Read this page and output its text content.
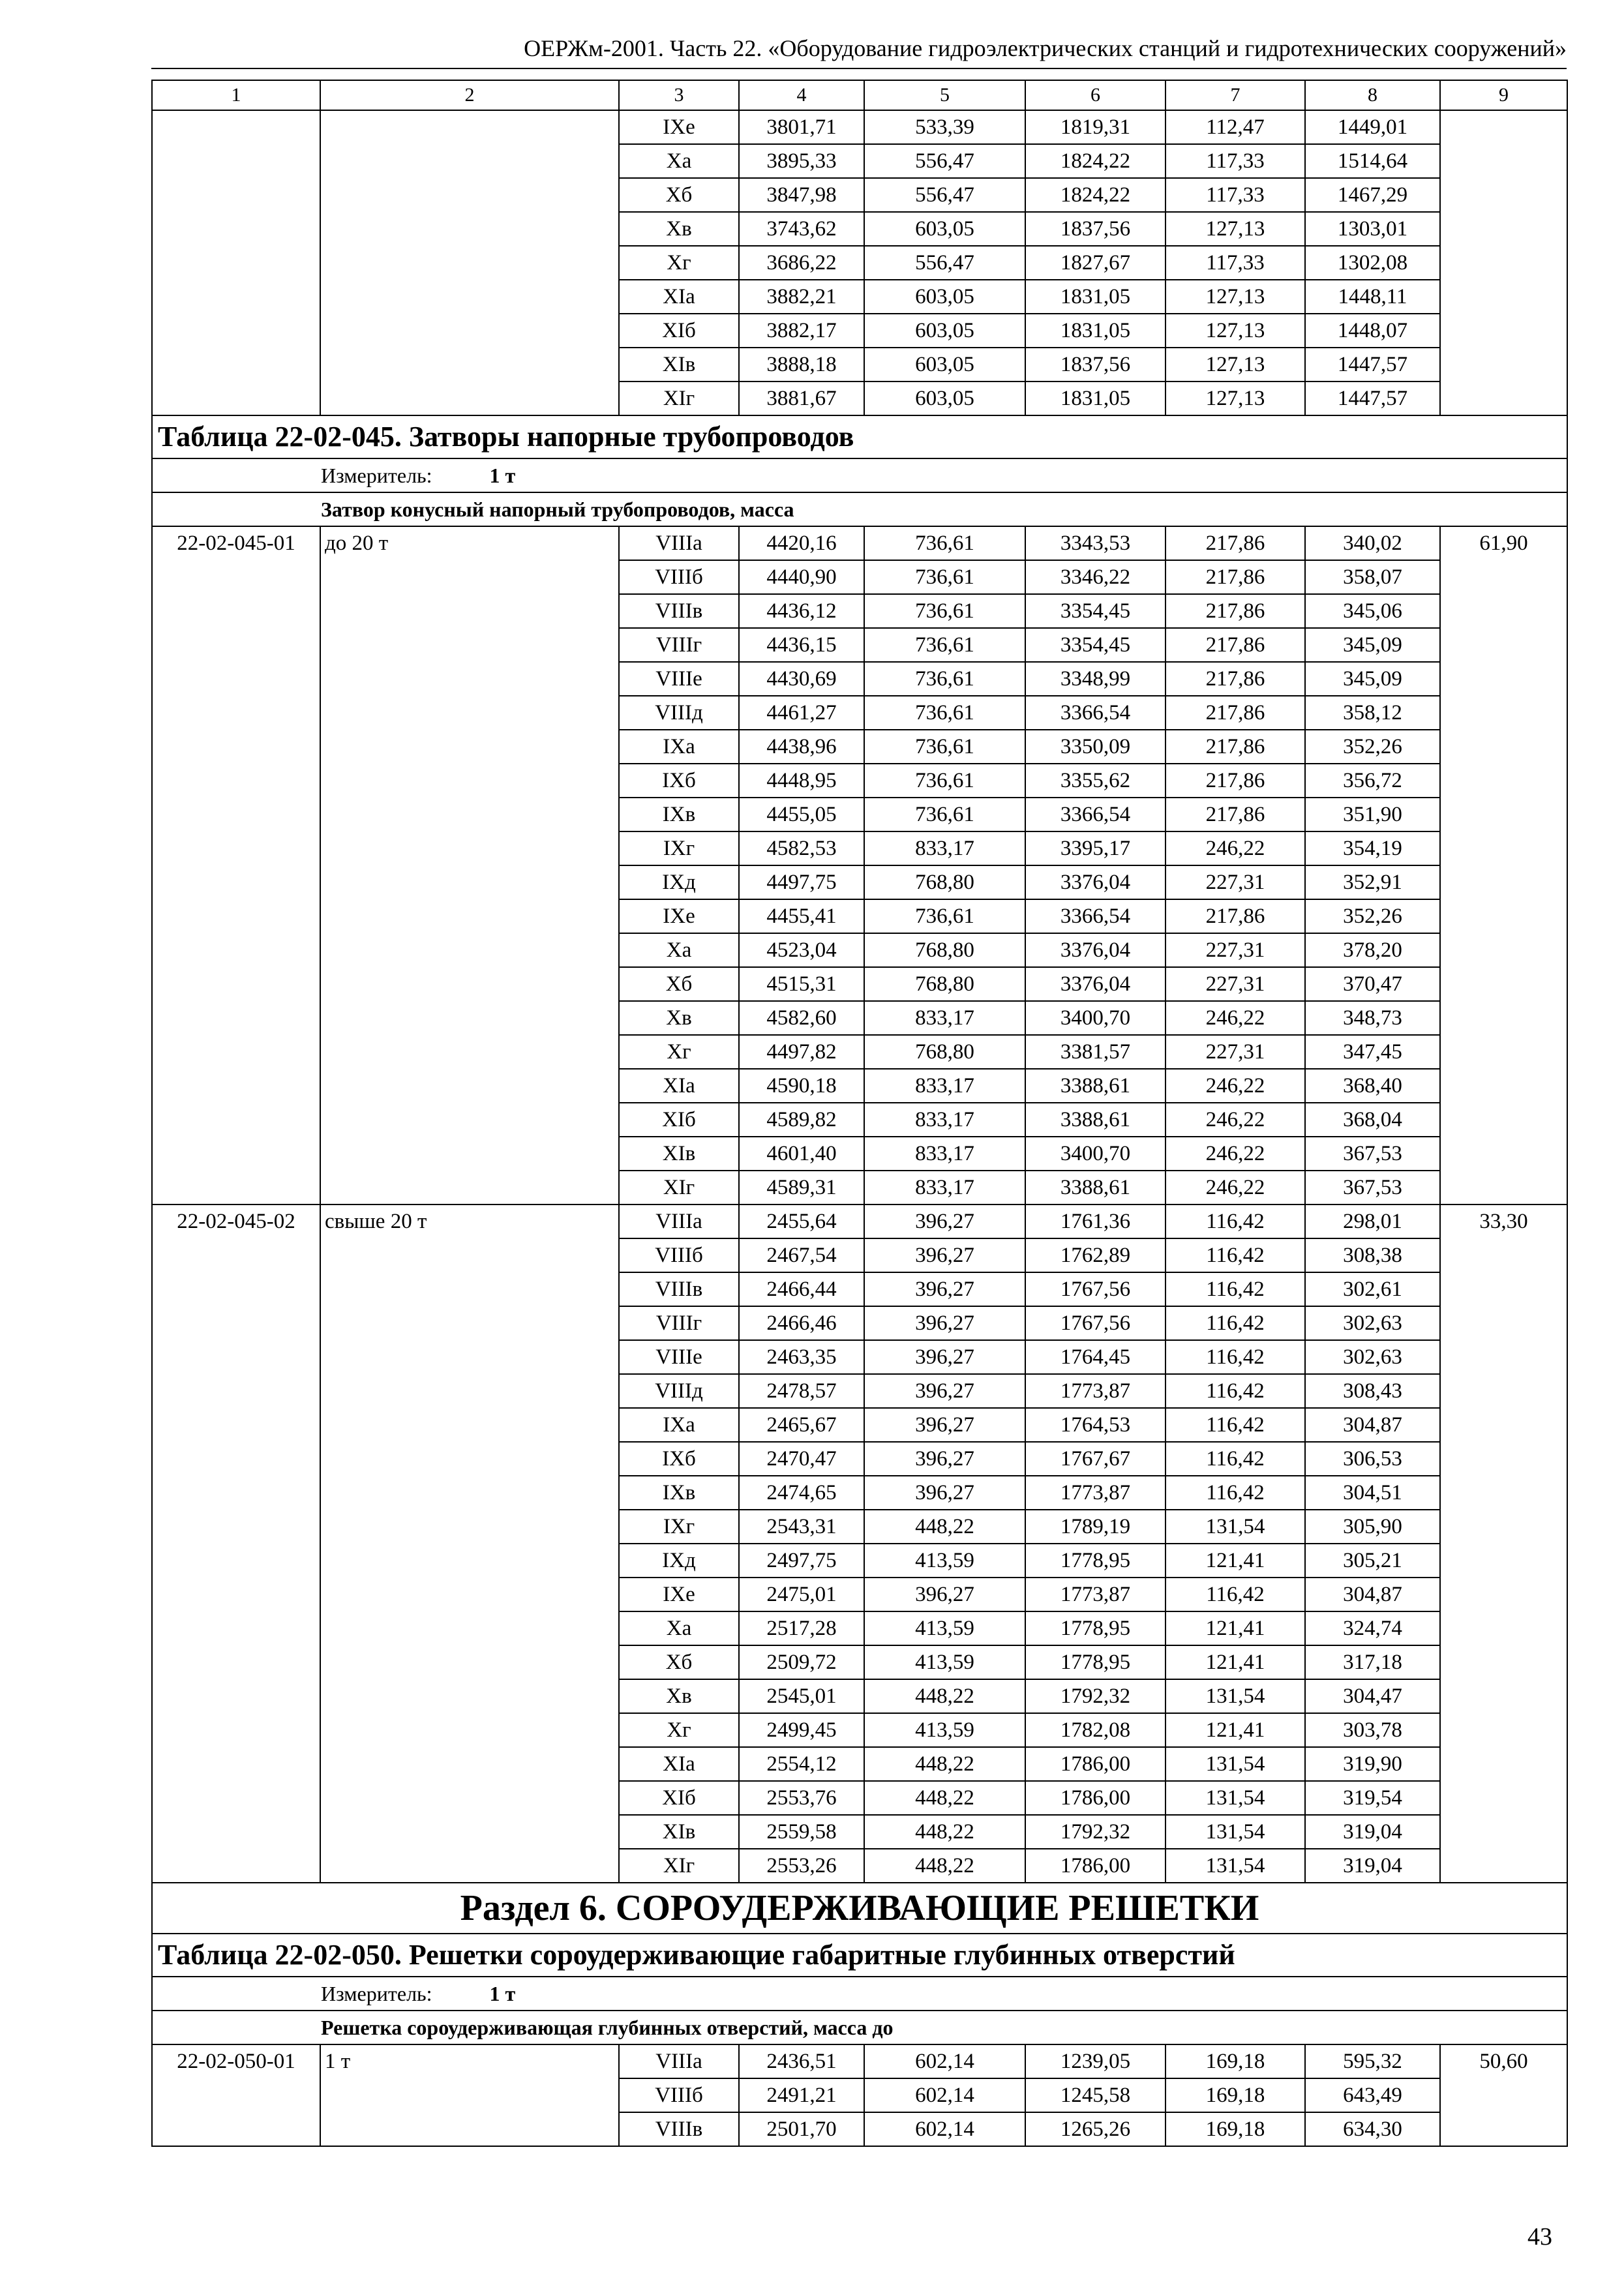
ОЕРЖм-2001. Часть 22. «Оборудование гидроэлектрических станций и гидротехнических сооружений»
1	2	3	4	5	6	7	8	9
		IXе	3801,71	533,39	1819,31	112,47	1449,01	
		Xа	3895,33	556,47	1824,22	117,33	1514,64	
		Xб	3847,98	556,47	1824,22	117,33	1467,29	
		Xв	3743,62	603,05	1837,56	127,13	1303,01	
		Xг	3686,22	556,47	1827,67	117,33	1302,08	
		XIа	3882,21	603,05	1831,05	127,13	1448,11	
		XIб	3882,17	603,05	1831,05	127,13	1448,07	
		XIв	3888,18	603,05	1837,56	127,13	1447,57	
		XIг	3881,67	603,05	1831,05	127,13	1447,57	
Таблица 22-02-045. Затворы напорные трубопроводов								
Измеритель: 1 т								
Затвор конусный напорный трубопроводов, масса								
22-02-045-01	до 20 т	VIIIа	4420,16	736,61	3343,53	217,86	340,02	61,90
		VIIIб	4440,90	736,61	3346,22	217,86	358,07	
		VIIIв	4436,12	736,61	3354,45	217,86	345,06	
		VIIIг	4436,15	736,61	3354,45	217,86	345,09	
		VIIIе	4430,69	736,61	3348,99	217,86	345,09	
		VIIIд	4461,27	736,61	3366,54	217,86	358,12	
		IXа	4438,96	736,61	3350,09	217,86	352,26	
		IXб	4448,95	736,61	3355,62	217,86	356,72	
		IXв	4455,05	736,61	3366,54	217,86	351,90	
		IXг	4582,53	833,17	3395,17	246,22	354,19	
		IXд	4497,75	768,80	3376,04	227,31	352,91	
		IXе	4455,41	736,61	3366,54	217,86	352,26	
		Xа	4523,04	768,80	3376,04	227,31	378,20	
		Xб	4515,31	768,80	3376,04	227,31	370,47	
		Xв	4582,60	833,17	3400,70	246,22	348,73	
		Xг	4497,82	768,80	3381,57	227,31	347,45	
		XIа	4590,18	833,17	3388,61	246,22	368,40	
		XIб	4589,82	833,17	3388,61	246,22	368,04	
		XIв	4601,40	833,17	3400,70	246,22	367,53	
		XIг	4589,31	833,17	3388,61	246,22	367,53	
22-02-045-02	свыше 20 т	VIIIа	2455,64	396,27	1761,36	116,42	298,01	33,30
		VIIIб	2467,54	396,27	1762,89	116,42	308,38	
		VIIIв	2466,44	396,27	1767,56	116,42	302,61	
		VIIIг	2466,46	396,27	1767,56	116,42	302,63	
		VIIIе	2463,35	396,27	1764,45	116,42	302,63	
		VIIIд	2478,57	396,27	1773,87	116,42	308,43	
		IXа	2465,67	396,27	1764,53	116,42	304,87	
		IXб	2470,47	396,27	1767,67	116,42	306,53	
		IXв	2474,65	396,27	1773,87	116,42	304,51	
		IXг	2543,31	448,22	1789,19	131,54	305,90	
		IXд	2497,75	413,59	1778,95	121,41	305,21	
		IXе	2475,01	396,27	1773,87	116,42	304,87	
		Xа	2517,28	413,59	1778,95	121,41	324,74	
		Xб	2509,72	413,59	1778,95	121,41	317,18	
		Xв	2545,01	448,22	1792,32	131,54	304,47	
		Xг	2499,45	413,59	1782,08	121,41	303,78	
		XIа	2554,12	448,22	1786,00	131,54	319,90	
		XIб	2553,76	448,22	1786,00	131,54	319,54	
		XIв	2559,58	448,22	1792,32	131,54	319,04	
		XIг	2553,26	448,22	1786,00	131,54	319,04	
Раздел 6. СОРОУДЕРЖИВАЮЩИЕ РЕШЕТКИ								
Таблица 22-02-050. Решетки сороудерживающие габаритные глубинных отверстий								
Измеритель: 1 т								
Решетка сороудерживающая глубинных отверстий, масса до								
22-02-050-01	1 т	VIIIа	2436,51	602,14	1239,05	169,18	595,32	50,60
		VIIIб	2491,21	602,14	1245,58	169,18	643,49	
		VIIIв	2501,70	602,14	1265,26	169,18	634,30	
43
